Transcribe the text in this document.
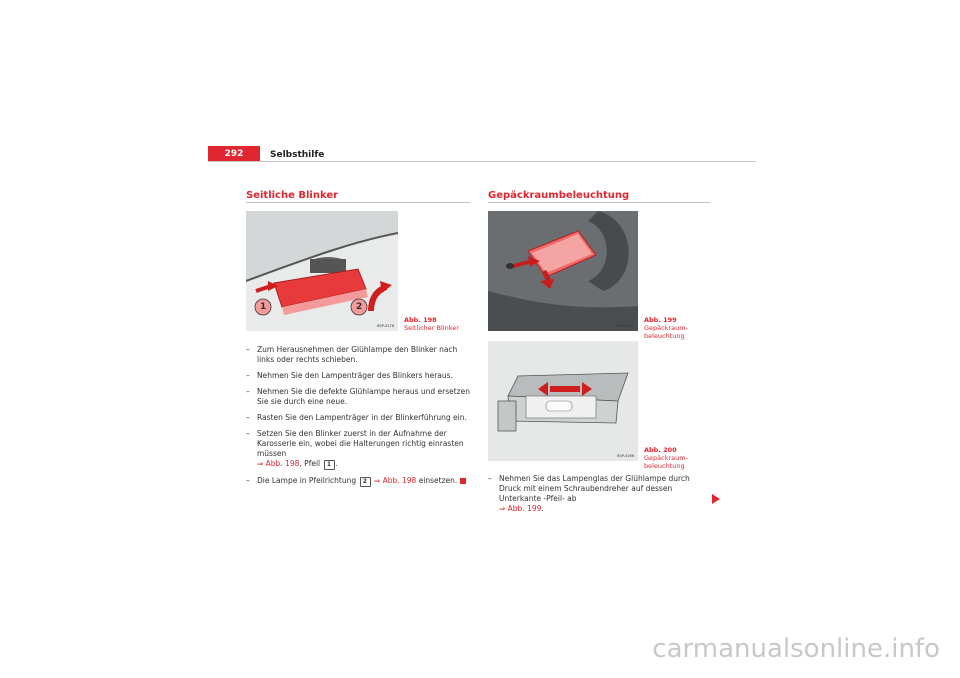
292	Selbsthilfe
Seitliche Blinker
1	2
B5P-0176
Abb. 198  Seitlicher Blinker
– Zum Herausnehmen der Glühlampe den Blinker nach links oder rechts schieben.
– Nehmen Sie den Lampenträger des Blinkers heraus.
– Nehmen Sie die defekte Glühlampe heraus und ersetzen Sie sie durch eine neue.
– Rasten Sie den Lampenträger in der Blinkerführung ein.
– Setzen Sie den Blinker zuerst in der Aufnahme der Karosserie ein, wobei die Halterungen richtig einrasten müssen
⇒ Abb. 198, Pfeil 1 .
– Die Lampe in Pfeilrichtung 2 ⇒ Abb. 198 einsetzen.
Gepäckraumbeleuchtung
B5P-0167
Abb. 199  Gepäckraum-beleuchtung
B5P-0166
Abb. 200  Gepäckraum-beleuchtung
– Nehmen Sie das Lampenglas der Glühlampe durch Druck mit einem Schraubendreher auf dessen Unterkante -Pfeil- ab
⇒ Abb. 199.
carmanualsonline.info
